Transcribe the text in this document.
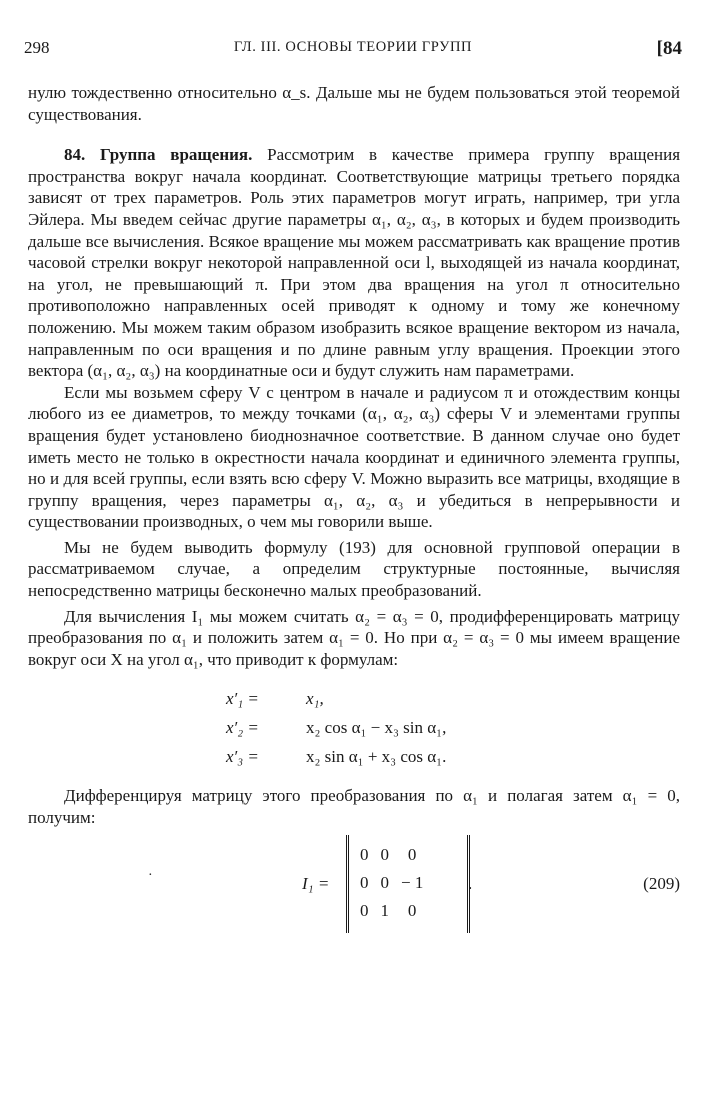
298	ГЛ. III. ОСНОВЫ ТЕОРИИ ГРУПП	[84

нулю тождественно относительно α_s. Дальше мы не будем пользоваться этой теоремой существования.

84. Группа вращения. Рассмотрим в качестве примера группу вращения пространства вокруг начала координат. Соответствующие матрицы третьего порядка зависят от трех параметров. Роль этих параметров могут играть, например, три угла Эйлера. Мы введем сейчас другие параметры α₁, α₂, α₃, в которых и будем производить дальше все вычисления. Всякое вращение мы можем рассматривать как вращение против часовой стрелки вокруг некоторой направленной оси l, выходящей из начала координат, на угол, не превышающий π. При этом два вращения на угол π относительно противоположно направленных осей приводят к одному и тому же конечному положению. Мы можем таким образом изобразить всякое вращение вектором из начала, направленным по оси вращения и по длине равным углу вращения. Проекции этого вектора (α₁, α₂, α₃) на координатные оси и будут служить нам параметрами.

Если мы возьмем сферу V с центром в начале и радиусом π и отождествим концы любого из ее диаметров, то между точками (α₁, α₂, α₃) сферы V и элементами группы вращения будет установлено биоднозначное соответствие. В данном случае оно будет иметь место не только в окрестности начала координат и единичного элемента группы, но и для всей группы, если взять всю сферу V. Можно выразить все матрицы, входящие в группу вращения, через параметры α₁, α₂, α₃ и убедиться в непрерывности и существовании производных, о чем мы говорили выше.

Мы не будем выводить формулу (193) для основной групповой операции в рассматриваемом случае, а определим структурные постоянные, вычисляя непосредственно матрицы бесконечно малых преобразований.

Для вычисления I₁ мы можем считать α₂ = α₃ = 0, продифференцировать матрицу преобразования по α₁ и положить затем α₁ = 0. Но при α₂ = α₃ = 0 мы имеем вращение вокруг оси X на угол α₁, что приводит к формулам:

x′₁ =	x₁,
x′₂ =	x₂ cos α₁ − x₃ sin α₁,
x′₃ =	x₂ sin α₁ + x₃ cos α₁.

Дифференцируя матрицу этого преобразования по α₁ и полагая затем α₁ = 0, получим:

·	I₁ =
0	0	0
0	0	− 1
0	1	0
.	(209)
